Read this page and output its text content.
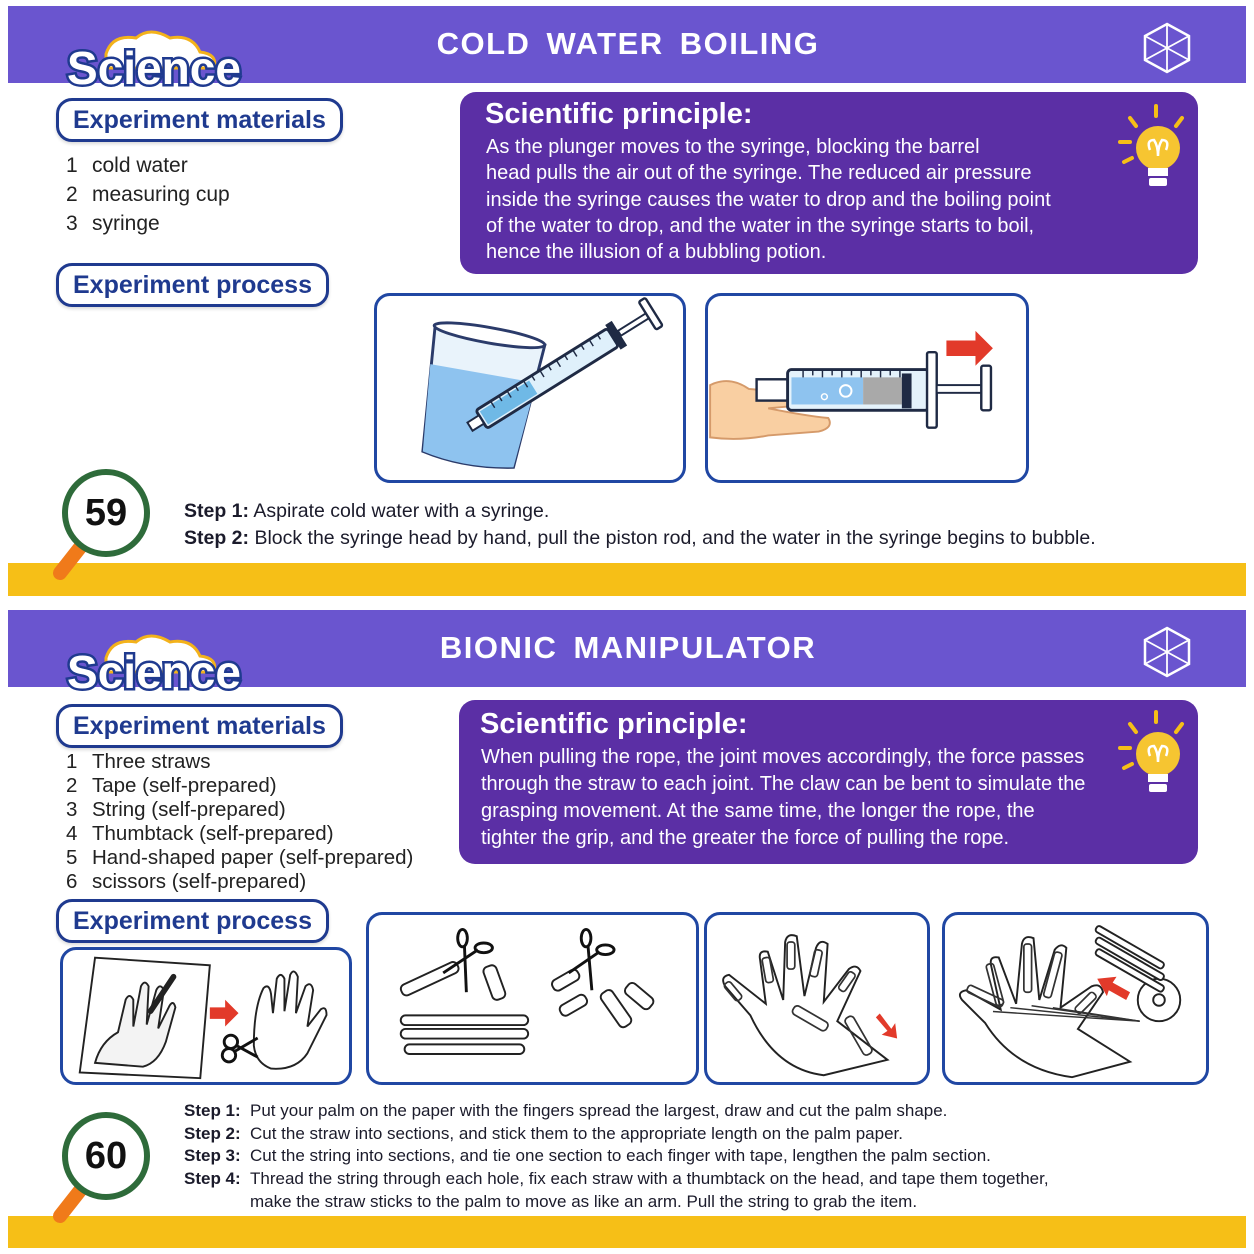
Science	COLD WATER BOILING
Experiment materials
1 cold water
2 measuring cup
3 syringe
Experiment process
Scientific principle:

As the plunger moves to the syringe, blocking the barrel
head pulls the air out of the syringe. The reduced air pressure
inside the syringe causes the water to drop and the boiling point
of the water to drop, and the water in the syringe starts to boil,
hence the illusion of a bubbling potion.

59	Step 1: Aspirate cold water with a syringe.
Step 2: Block the syringe head by hand, pull the piston rod, and the water in the syringe begins to bubble.
Science	BIONIC MANIPULATOR
Experiment materials
1 Three straws
2 Tape (self-prepared)
3 String (self-prepared)
4 Thumbtack (self-prepared)
5 Hand-shaped paper (self-prepared)
6 scissors (self-prepared)
Experiment process
Scientific principle:

When pulling the rope, the joint moves accordingly, the force passes
through the straw to each joint. The claw can be bent to simulate the
grasping movement. At the same time, the longer the rope, the
tighter the grip, and the greater the force of pulling the rope.

60
Step 1: Put your palm on the paper with the fingers spread the largest, draw and cut the palm shape.
Step 2: Cut the straw into sections, and stick them to the appropriate length on the palm paper.
Step 3: Cut the string into sections, and tie one section to each finger with tape, lengthen the palm section.
Step 4: Thread the string through each hole, fix each straw with a thumbtack on the head, and tape them together,
make the straw sticks to the palm to move as like an arm. Pull the string to grab the item.
